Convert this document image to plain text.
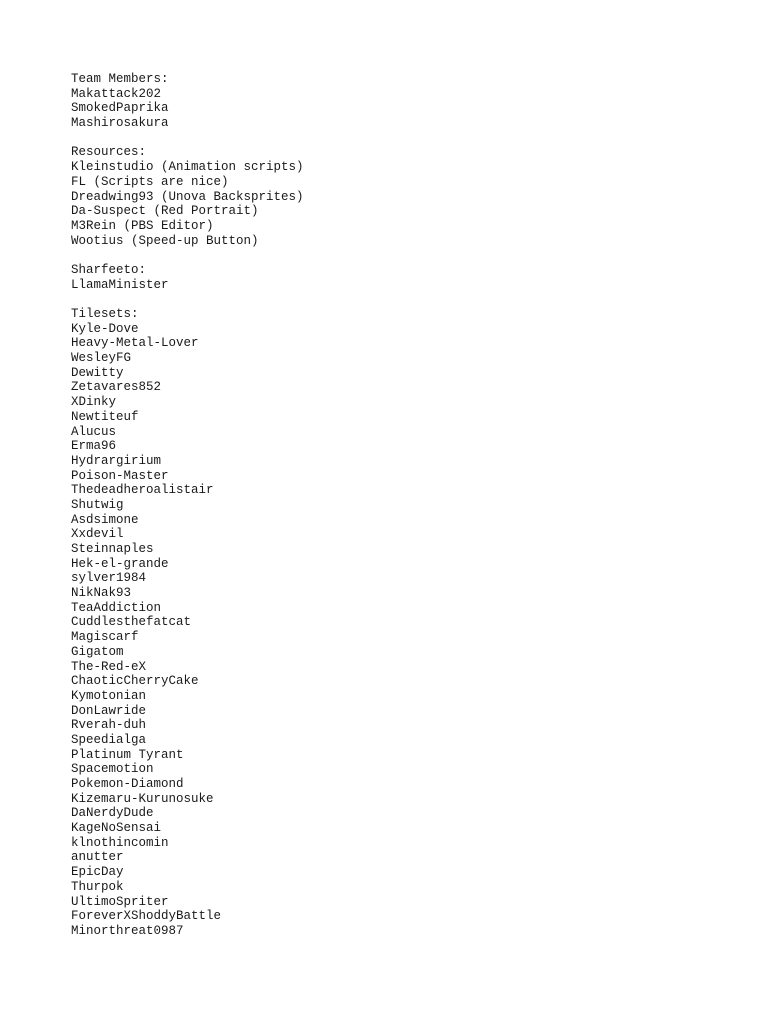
Team Members:
Makattack202
SmokedPaprika
Mashirosakura
Resources:
Kleinstudio (Animation scripts)
FL (Scripts are nice)
Dreadwing93 (Unova Backsprites)
Da-Suspect (Red Portrait)
M3Rein (PBS Editor)
Wootius (Speed-up Button)
Sharfeeto:
LlamaMinister
Tilesets:
Kyle-Dove
Heavy-Metal-Lover
WesleyFG
Dewitty
Zetavares852
XDinky
Newtiteuf
Alucus
Erma96
Hydrargirium
Poison-Master
Thedeadheroalistair
Shutwig
Asdsimone
Xxdevil
Steinnaples
Hek-el-grande
sylver1984
NikNak93
TeaAddiction
Cuddlesthefatcat
Magiscarf
Gigatom
The-Red-eX
ChaoticCherryCake
Kymotonian
DonLawride
Rverah-duh
Speedialga
Platinum Tyrant
Spacemotion
Pokemon-Diamond
Kizemaru-Kurunosuke
DaNerdyDude
KageNoSensai
klnothincomin
anutter
EpicDay
Thurpok
UltimoSpriter
ForeverXShoddyBattle
Minorthreat0987
